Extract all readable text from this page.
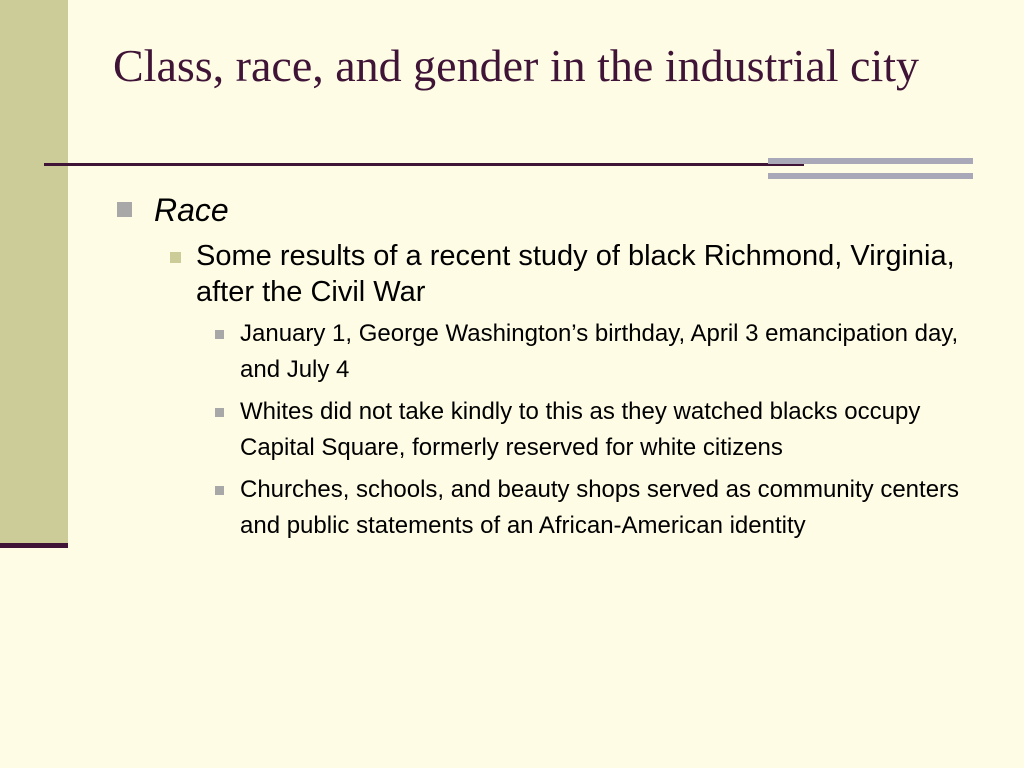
Class, race, and gender in the industrial city
Race
Some results of a recent study of black Richmond, Virginia, after the Civil War
January 1, George Washington’s birthday, April 3 emancipation day, and July 4
Whites did not take kindly to this as they watched blacks occupy Capital Square, formerly reserved for white citizens
Churches, schools, and beauty shops served as community centers and public statements of an African-American identity
